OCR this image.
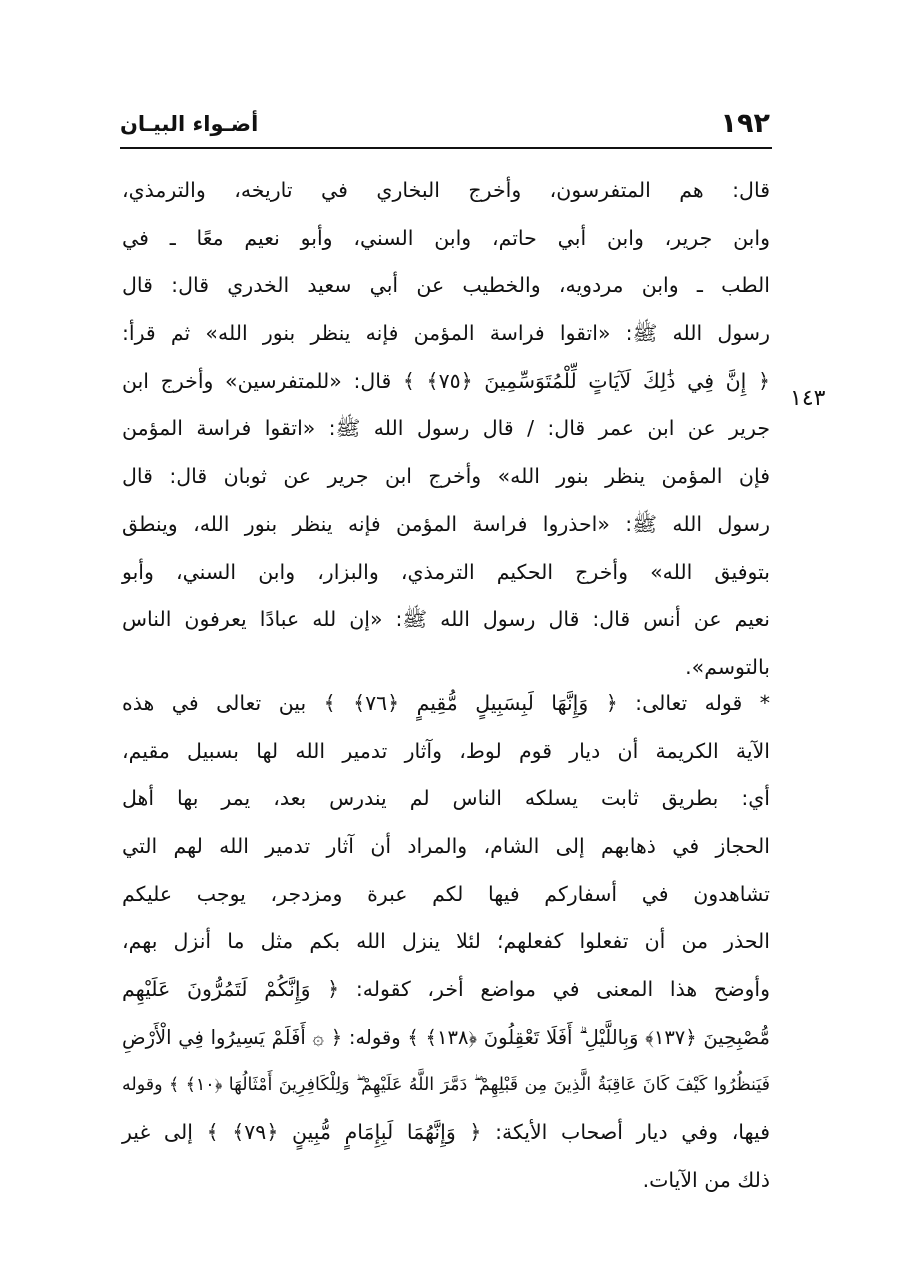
١٩٢
أضـواء البيـان
١٤٣
قال: هم المتفرسون، وأخرج البخاري في تاريخه، والترمذي،
وابن جرير، وابن أبي حاتم، وابن السني، وأبو نعيم معًا ـ في
الطب ـ وابن مردويه، والخطيب عن أبي سعيد الخدري قال: قال
رسول الله ﷺ: «اتقوا فراسة المؤمن فإنه ينظر بنور الله» ثم قرأ:
﴿ إِنَّ فِي ذَٰلِكَ لَآيَاتٍ لِّلْمُتَوَسِّمِينَ ﴿٧٥﴾ ﴾ قال: «للمتفرسين» وأخرج ابن
جرير عن ابن عمر قال: / قال رسول الله ﷺ: «اتقوا فراسة المؤمن
فإن المؤمن ينظر بنور الله» وأخرج ابن جرير عن ثوبان قال: قال
رسول الله ﷺ: «احذروا فراسة المؤمن فإنه ينظر بنور الله، وينطق
بتوفيق الله» وأخرج الحكيم الترمذي، والبزار، وابن السني، وأبو
نعيم عن أنس قال: قال رسول الله ﷺ: «إن لله عبادًا يعرفون الناس
بالتوسم».
* قوله تعالى: ﴿ وَإِنَّهَا لَبِسَبِيلٍ مُّقِيمٍ ﴿٧٦﴾ ﴾ بين تعالى في هذه
الآية الكريمة أن ديار قوم لوط، وآثار تدمير الله لها بسبيل مقيم،
أي: بطريق ثابت يسلكه الناس لم يندرس بعد، يمر بها أهل
الحجاز في ذهابهم إلى الشام، والمراد أن آثار تدمير الله لهم التي
تشاهدون في أسفاركم فيها لكم عبرة ومزدجر، يوجب عليكم
الحذر من أن تفعلوا كفعلهم؛ لئلا ينزل الله بكم مثل ما أنزل بهم،
وأوضح هذا المعنى في مواضع أخر، كقوله: ﴿ وَإِنَّكُمْ لَتَمُرُّونَ عَلَيْهِم
مُّصْبِحِينَ ﴿١٣٧﴾ وَبِاللَّيْلِ ۗ أَفَلَا تَعْقِلُونَ ﴿١٣٨﴾ ﴾ وقوله: ﴿ ۞ أَفَلَمْ يَسِيرُوا فِي الْأَرْضِ
فَيَنظُرُوا كَيْفَ كَانَ عَاقِبَةُ الَّذِينَ مِن قَبْلِهِمْ ۖ دَمَّرَ اللَّهُ عَلَيْهِمْ ۖ وَلِلْكَافِرِينَ أَمْثَالُهَا ﴿١٠﴾ ﴾ وقوله
فيها، وفي ديار أصحاب الأيكة: ﴿ وَإِنَّهُمَا لَبِإِمَامٍ مُّبِينٍ ﴿٧٩﴾ ﴾ إلى غير
ذلك من الآيات.
